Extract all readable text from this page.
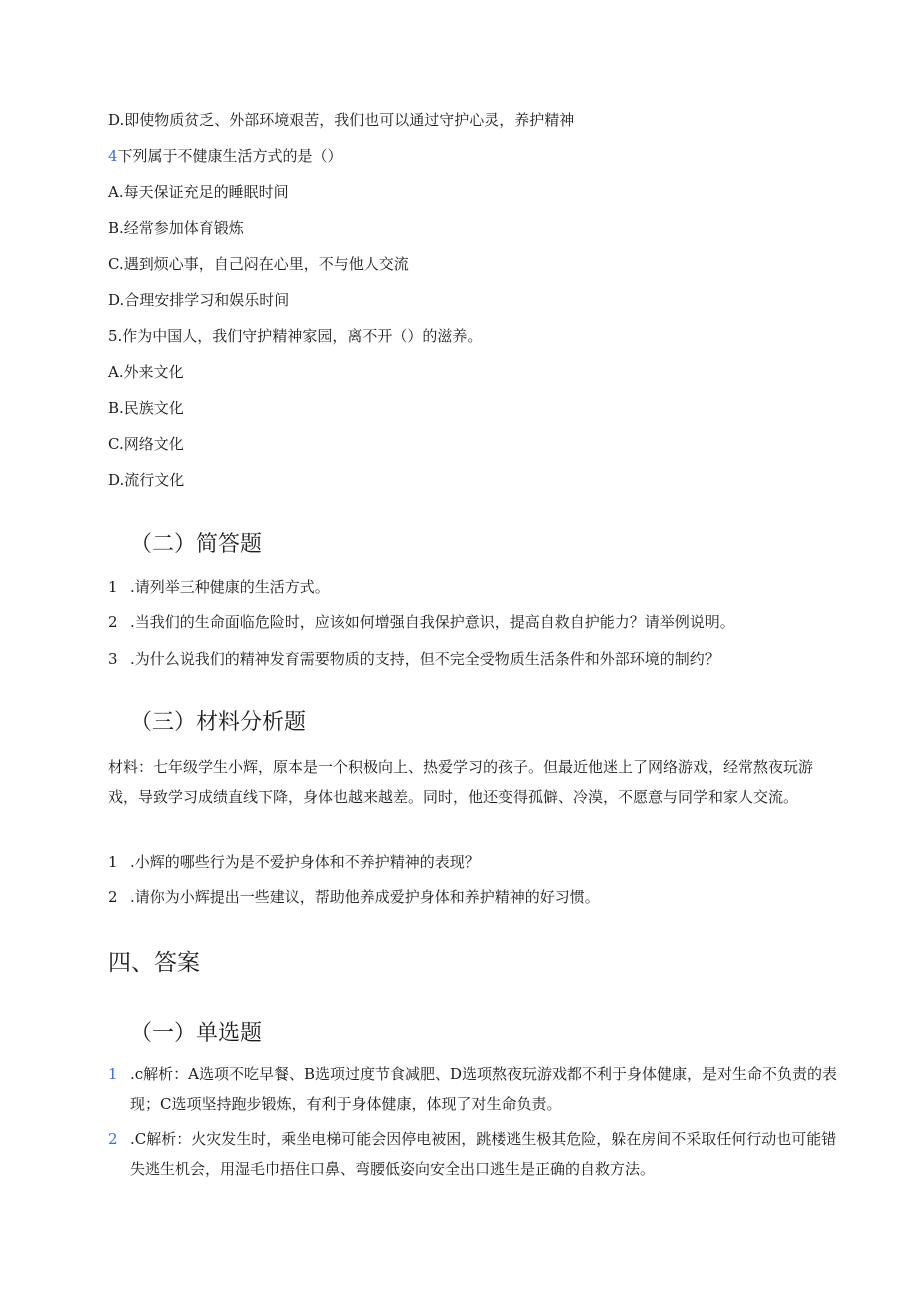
D.即使物质贫乏、外部环境艰苦，我们也可以通过守护心灵，养护精神
4下列属于不健康生活方式的是（）
A.每天保证充足的睡眠时间
B.经常参加体育锻炼
C.遇到烦心事，自己闷在心里，不与他人交流
D.合理安排学习和娱乐时间
5.作为中国人，我们守护精神家园，离不开（）的滋养。
A.外来文化
B.民族文化
C.网络文化
D.流行文化
（二）简答题
1 .请列举三种健康的生活方式。
2 .当我们的生命面临危险时，应该如何增强自我保护意识，提高自救自护能力？请举例说明。
3 .为什么说我们的精神发育需要物质的支持，但不完全受物质生活条件和外部环境的制约？
（三）材料分析题
材料：七年级学生小辉，原本是一个积极向上、热爱学习的孩子。但最近他迷上了网络游戏，经常熬夜玩游戏，导致学习成绩直线下降，身体也越来越差。同时，他还变得孤僻、冷漠，不愿意与同学和家人交流。
1 .小辉的哪些行为是不爱护身体和不养护精神的表现？
2 .请你为小辉提出一些建议，帮助他养成爱护身体和养护精神的好习惯。
四、答案
（一）单选题
1 .c解析：A选项不吃早餐、B选项过度节食减肥、D选项熬夜玩游戏都不利于身体健康，是对生命不负责的表现；C选项坚持跑步锻炼，有利于身体健康，体现了对生命负责。
2 .C解析：火灾发生时，乘坐电梯可能会因停电被困，跳楼逃生极其危险，躲在房间不采取任何行动也可能错失逃生机会，用湿毛巾捂住口鼻、弯腰低姿向安全出口逃生是正确的自救方法。
